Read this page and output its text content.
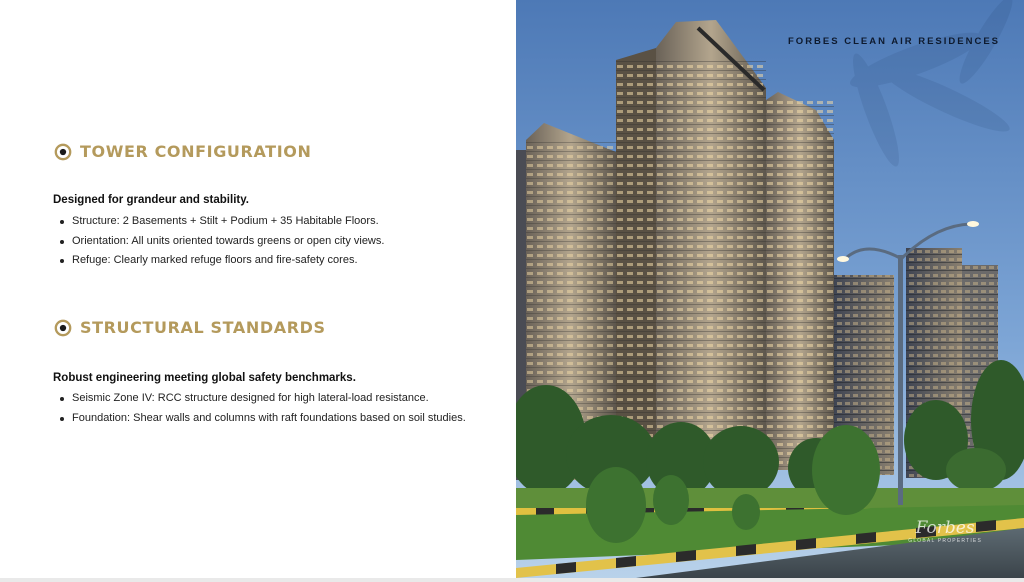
TOWER CONFIGURATION
Designed for grandeur and stability.
Structure: 2 Basements + Stilt + Podium + 35 Habitable Floors.
Orientation: All units oriented towards greens or open city views.
Refuge: Clearly marked refuge floors and fire-safety cores.
STRUCTURAL STANDARDS
Robust engineering meeting global safety benchmarks.
Seismic Zone IV: RCC structure designed for high lateral-load resistance.
Foundation: Shear walls and columns with raft foundations based on soil studies.
FORBES CLEAN AIR RESIDENCES
Forbes
GLOBAL PROPERTIES
